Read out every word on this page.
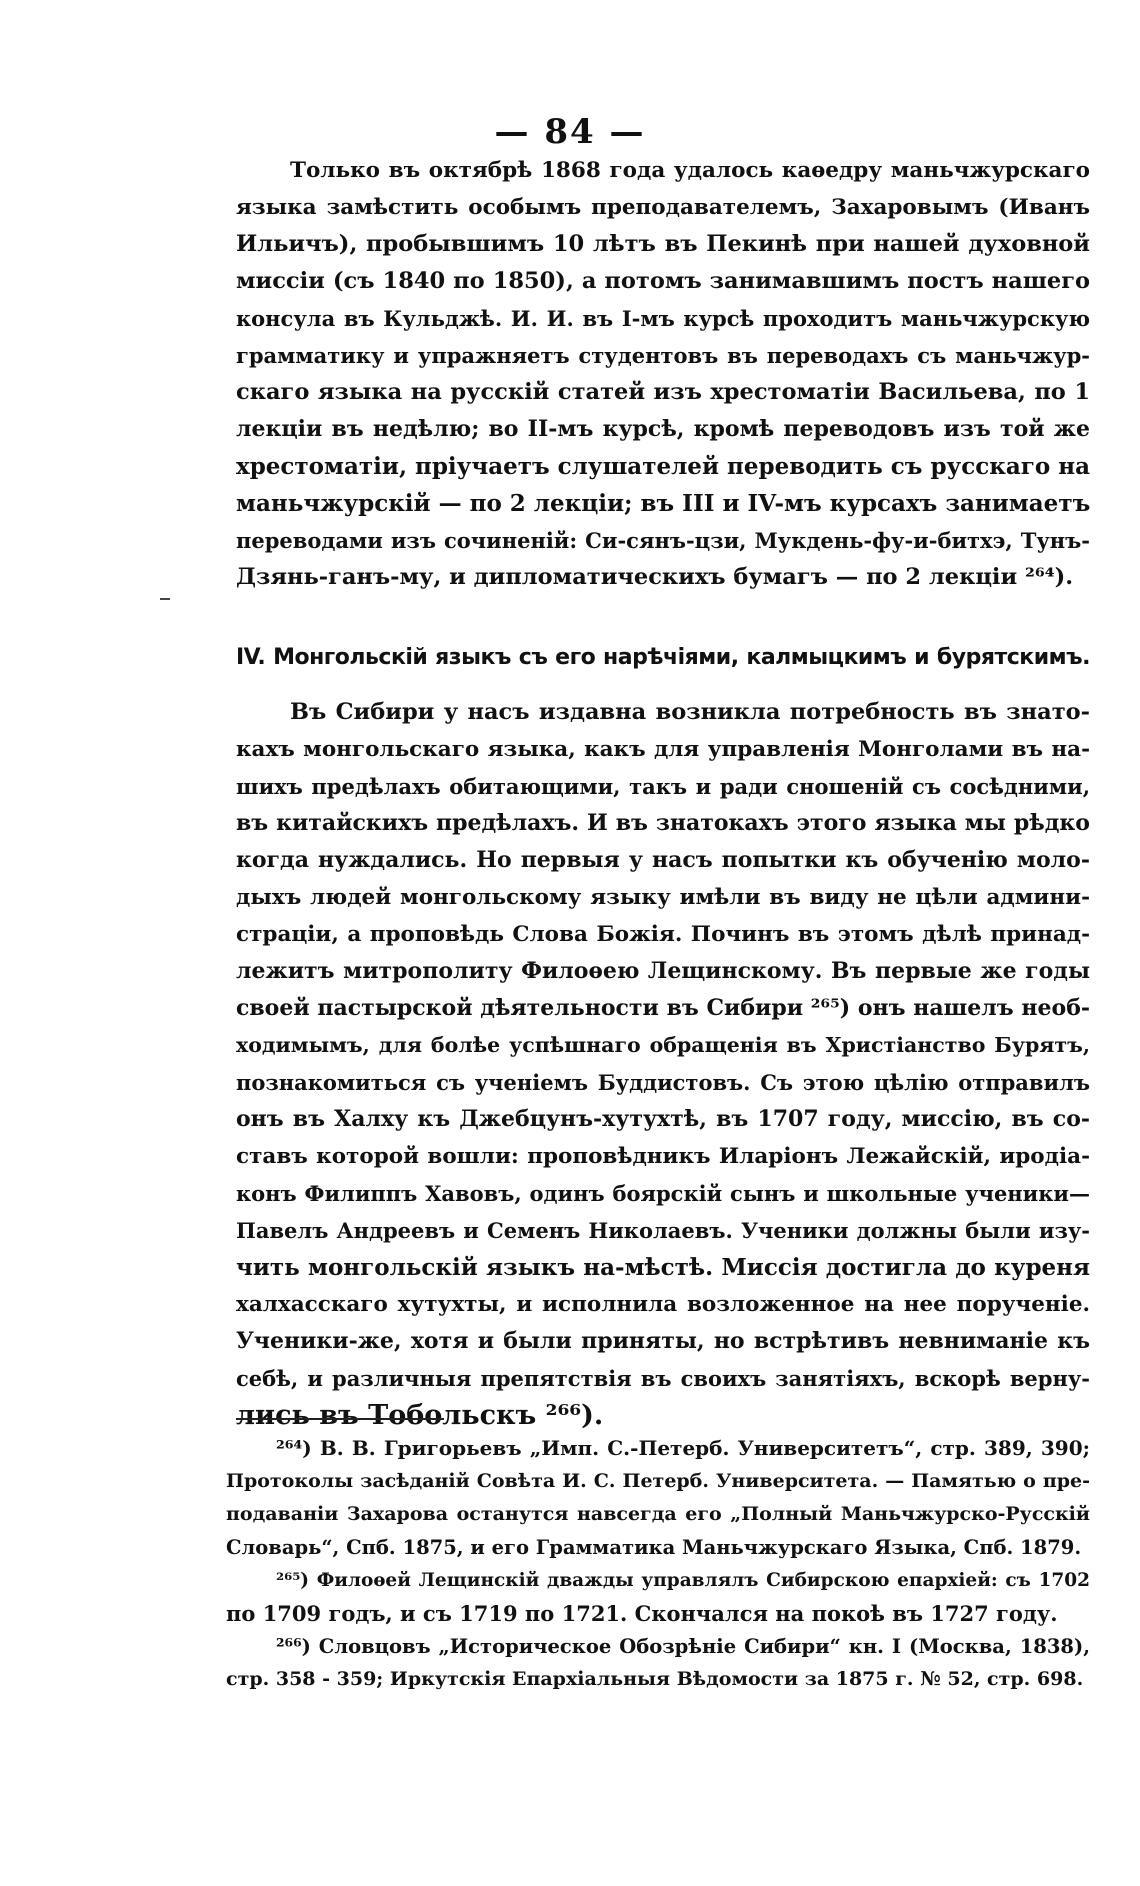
— 84 —
Только въ октябрѣ 1868 года удалось каѳедру маньчжурскаго
языка замѣстить особымъ преподавателемъ, Захаровымъ (Иванъ
Ильичъ), пробывшимъ 10 лѣтъ въ Пекинѣ при нашей духовной
миссіи (съ 1840 по 1850), а потомъ занимавшимъ постъ нашего
консула въ Кульджѣ. И. И. въ I-мъ курсѣ проходитъ маньчжурскую
грамматику и упражняетъ студентовъ въ переводахъ съ маньчжур-
скаго языка на русскій статей изъ хрестоматіи Васильева, по 1
лекціи въ недѣлю; во II-мъ курсѣ, кромѣ переводовъ изъ той же
хрестоматіи, пріучаетъ слушателей переводить съ русскаго на
маньчжурскій — по 2 лекціи; въ III и IV-мъ курсахъ занимаетъ
переводами изъ сочиненій: Си-сянъ-цзи, Мукдень-фу-и-битхэ, Тунъ-
Дзянь-ганъ-му, и дипломатическихъ бумагъ — по 2 лекціи ²⁶⁴).
IV. Монгольскій языкъ съ его нарѣчіями, калмыцкимъ и бурятскимъ.
Въ Сибири у насъ издавна возникла потребность въ знато-
кахъ монгольскаго языка, какъ для управленія Монголами въ на-
шихъ предѣлахъ обитающими, такъ и ради сношеній съ сосѣдними,
въ китайскихъ предѣлахъ. И въ знатокахъ этого языка мы рѣдко
когда нуждались. Но первыя у насъ попытки къ обученію моло-
дыхъ людей монгольскому языку имѣли въ виду не цѣли админи-
страціи, а проповѣдь Слова Божія. Починъ въ этомъ дѣлѣ принад-
лежитъ митрополиту Филоѳею Лещинскому. Въ первые же годы
своей пастырской дѣятельности въ Сибири ²⁶⁵) онъ нашелъ необ-
ходимымъ, для болѣе успѣшнаго обращенія въ Христіанство Бурятъ,
познакомиться съ ученіемъ Буддистовъ. Съ этою цѣлію отправилъ
онъ въ Халху къ Джебцунъ-хутухтѣ, въ 1707 году, миссію, въ со-
ставъ которой вошли: проповѣдникъ Иларіонъ Лежайскій, иродіа-
конъ Филиппъ Хавовъ, одинъ боярскій сынъ и школьные ученики—
Павелъ Андреевъ и Семенъ Николаевъ. Ученики должны были изу-
чить монгольскій языкъ на-мѣстѣ. Миссія достигла до куреня
халхасскаго хутухты, и исполнила возложенное на нее порученіе.
Ученики-же, хотя и были приняты, но встрѣтивъ невниманіе къ
себѣ, и различныя препятствія въ своихъ занятіяхъ, вскорѣ верну-
лись въ Тобольскъ ²⁶⁶).
²⁶⁴) В. В. Григорьевъ „Имп. С.-Петерб. Университетъ“, стр. 389, 390;
Протоколы засѣданій Совѣта И. С. Петерб. Университета. — Памятью о пре-
подаваніи Захарова останутся навсегда его „Полный Маньчжурско-Русскій
Словарь“, Спб. 1875, и его Грамматика Маньчжурскаго Языка, Спб. 1879.
²⁶⁵) Филоѳей Лещинскій дважды управлялъ Сибирскою епархіей: съ 1702
по 1709 годъ, и съ 1719 по 1721. Скончался на покоѣ въ 1727 году.
²⁶⁶) Словцовъ „Историческое Обозрѣніе Сибири“ кн. I (Москва, 1838),
стр. 358 - 359; Иркутскія Епархіальныя Вѣдомости за 1875 г. № 52, стр. 698.
